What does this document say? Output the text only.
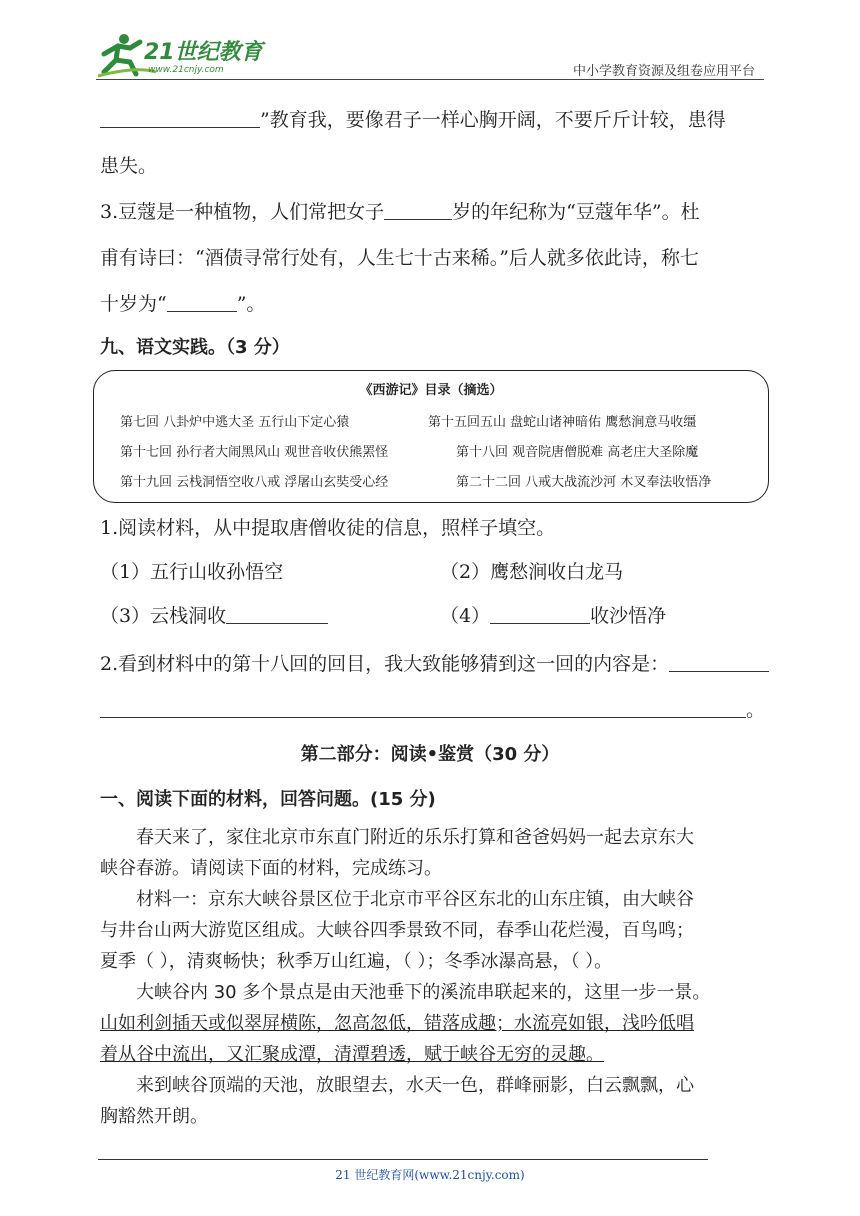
21世纪教育
www.21cnjy.com	中小学教育资源及组卷应用平台
”教育我，要像君子一样心胸开阔，不要斤斤计较，患得
患失。
3.豆蔻是一种植物，人们常把女子	岁的年纪称为“豆蔻年华”。杜
甫有诗曰：“酒债寻常行处有，人生七十古来稀。”后人就多依此诗，称七
十岁为“	”。
九、语文实践。（3 分）
《西游记》目录（摘选）
第七回 八卦炉中逃大圣 五行山下定心猿	第十五回五山 盘蛇山诸神暗佑 鹰愁涧意马收缰
第十七回 孙行者大闹黑风山 观世音收伏熊罴怪	第十八回 观音院唐僧脱难 高老庄大圣除魔
第十九回 云栈洞悟空收八戒 浮屠山玄奘受心经	第二十二回 八戒大战流沙河 木叉奉法收悟净
1.阅读材料，从中提取唐僧收徒的信息，照样子填空。
（1）五行山收孙悟空	（2）鹰愁涧收白龙马
（3）云栈洞收	（4）	收沙悟净
2.看到材料中的第十八回的回目，我大致能够猜到这一回的内容是：
。
第二部分：阅读•鉴赏（30 分）
一、阅读下面的材料，回答问题。(15 分)
春天来了，家住北京市东直门附近的乐乐打算和爸爸妈妈一起去京东大
峡谷春游。请阅读下面的材料，完成练习。
材料一：京东大峡谷景区位于北京市平谷区东北的山东庄镇，由大峡谷
与井台山两大游览区组成。大峡谷四季景致不同，春季山花烂漫，百鸟鸣；
夏季（ ），清爽畅快；秋季万山红遍，（ ）；冬季冰瀑高悬，（ ）。
大峡谷内 30 多个景点是由天池垂下的溪流串联起来的，这里一步一景。
山如利剑插天或似翠屏横陈，忽高忽低，错落成趣；水流亮如银，浅吟低唱
着从谷中流出，又汇聚成潭，清潭碧透，赋于峡谷无穷的灵趣。
来到峡谷顶端的天池，放眼望去，水天一色，群峰丽影，白云飘飘，心
胸豁然开朗。
21 世纪教育网(www.21cnjy.com)
